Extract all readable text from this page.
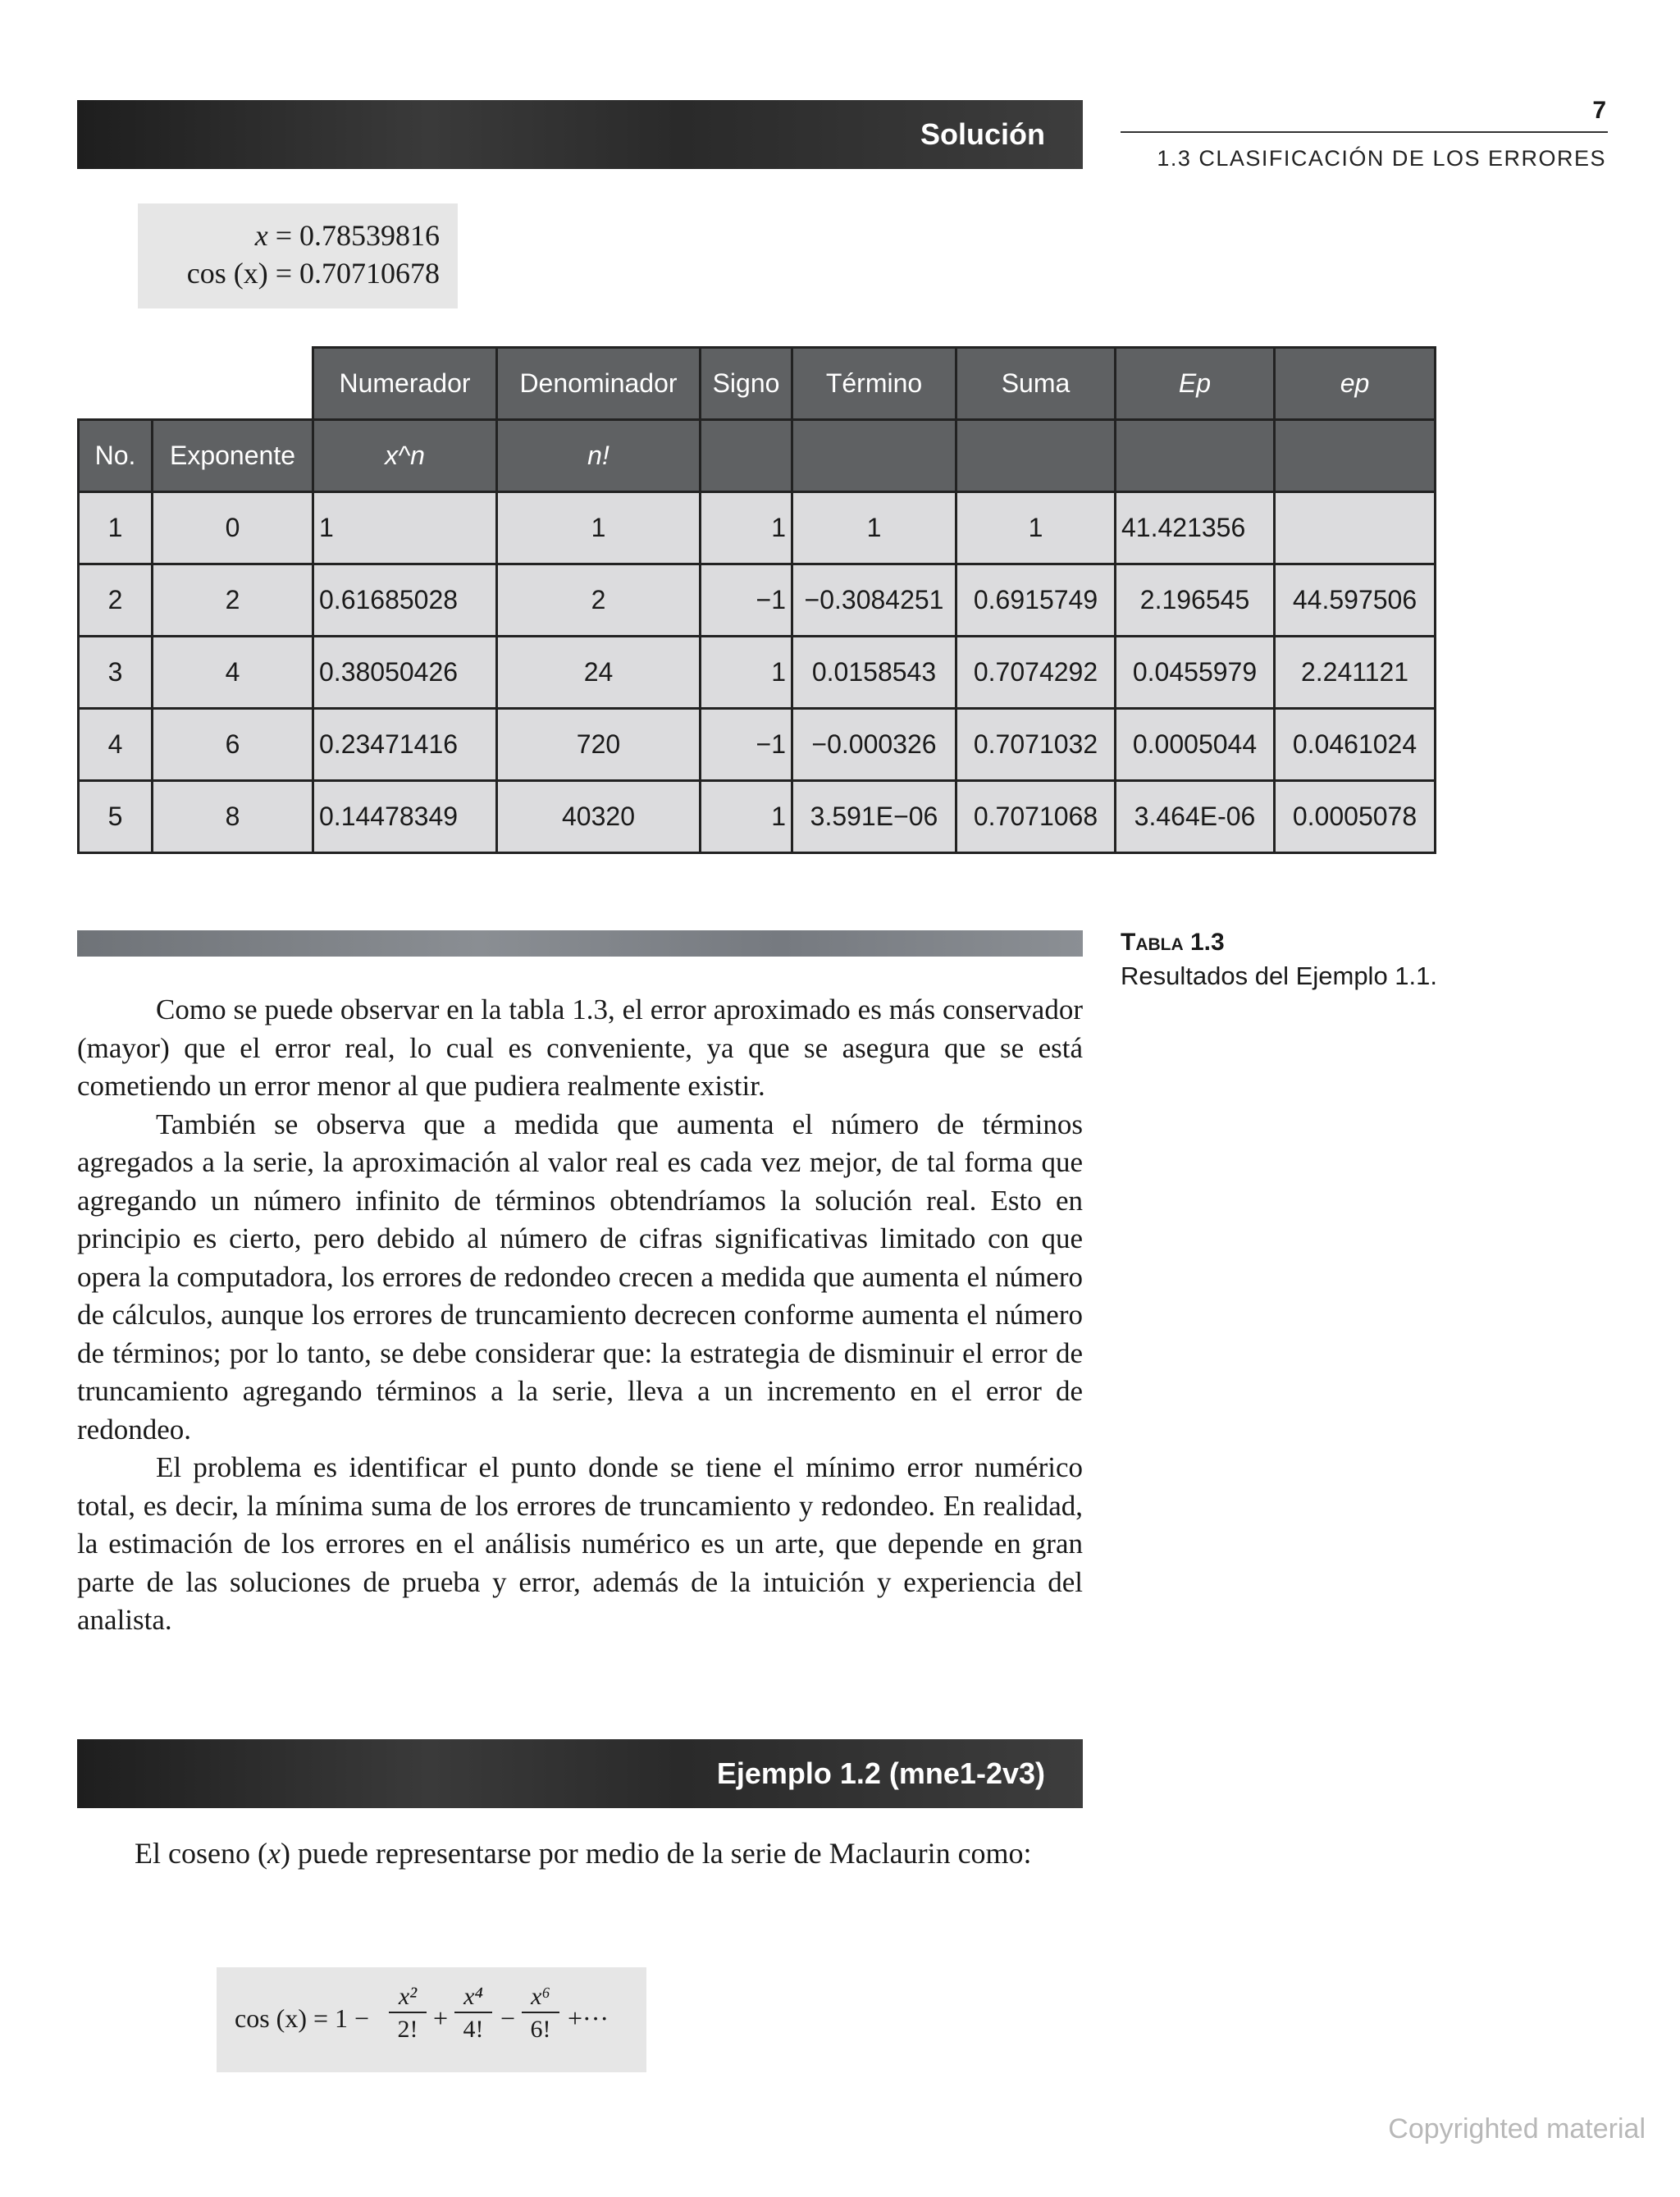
Solución
7
1.3 CLASIFICACIÓN DE LOS ERRORES
x = 0.78539816
cos (x) = 0.70710678
		Numerador	Denominador	Signo	Término	Suma	Ep	ep
No.	Exponente	x^n	n!					
1	0	1	1	1	1	1	41.421356	
2	2	0.61685028	2	−1	−0.3084251	0.6915749	2.196545	44.597506
3	4	0.38050426	24	1	0.0158543	0.7074292	0.0455979	2.241121
4	6	0.23471416	720	−1	−0.000326	0.7071032	0.0005044	0.0461024
5	8	0.14478349	40320	1	3.591E−06	0.7071068	3.464E-06	0.0005078
Tabla 1.3
Resultados del Ejemplo 1.1.

Como se puede observar en la tabla 1.3, el error aproximado es más conservador (mayor) que el error real, lo cual es conveniente, ya que se asegura que se está cometiendo un error menor al que pudiera realmente existir.

También se observa que a medida que aumenta el número de términos agregados a la serie, la aproximación al valor real es cada vez mejor, de tal forma que agregando un número infinito de términos obtendríamos la solución real. Esto en principio es cierto, pero debido al número de cifras significativas limitado con que opera la computadora, los errores de redondeo crecen a medida que aumenta el número de cálculos, aunque los errores de truncamiento decrecen conforme aumenta el número de términos; por lo tanto, se debe considerar que: la estrategia de disminuir el error de truncamiento agregando términos a la serie, lleva a un incremento en el error de redondeo.

El problema es identificar el punto donde se tiene el mínimo error numérico total, es decir, la mínima suma de los errores de truncamiento y redondeo. En realidad, la estimación de los errores en el análisis numérico es un arte, que depende en gran parte de las soluciones de prueba y error, además de la intuición y experiencia del analista.

Ejemplo 1.2 (mne1-2v3)
El coseno (x) puede representarse por medio de la serie de Maclaurin como:
cos (x) = 1 −
x²
2! +
x⁴
4! −
x⁶
6! +···
Copyrighted material
